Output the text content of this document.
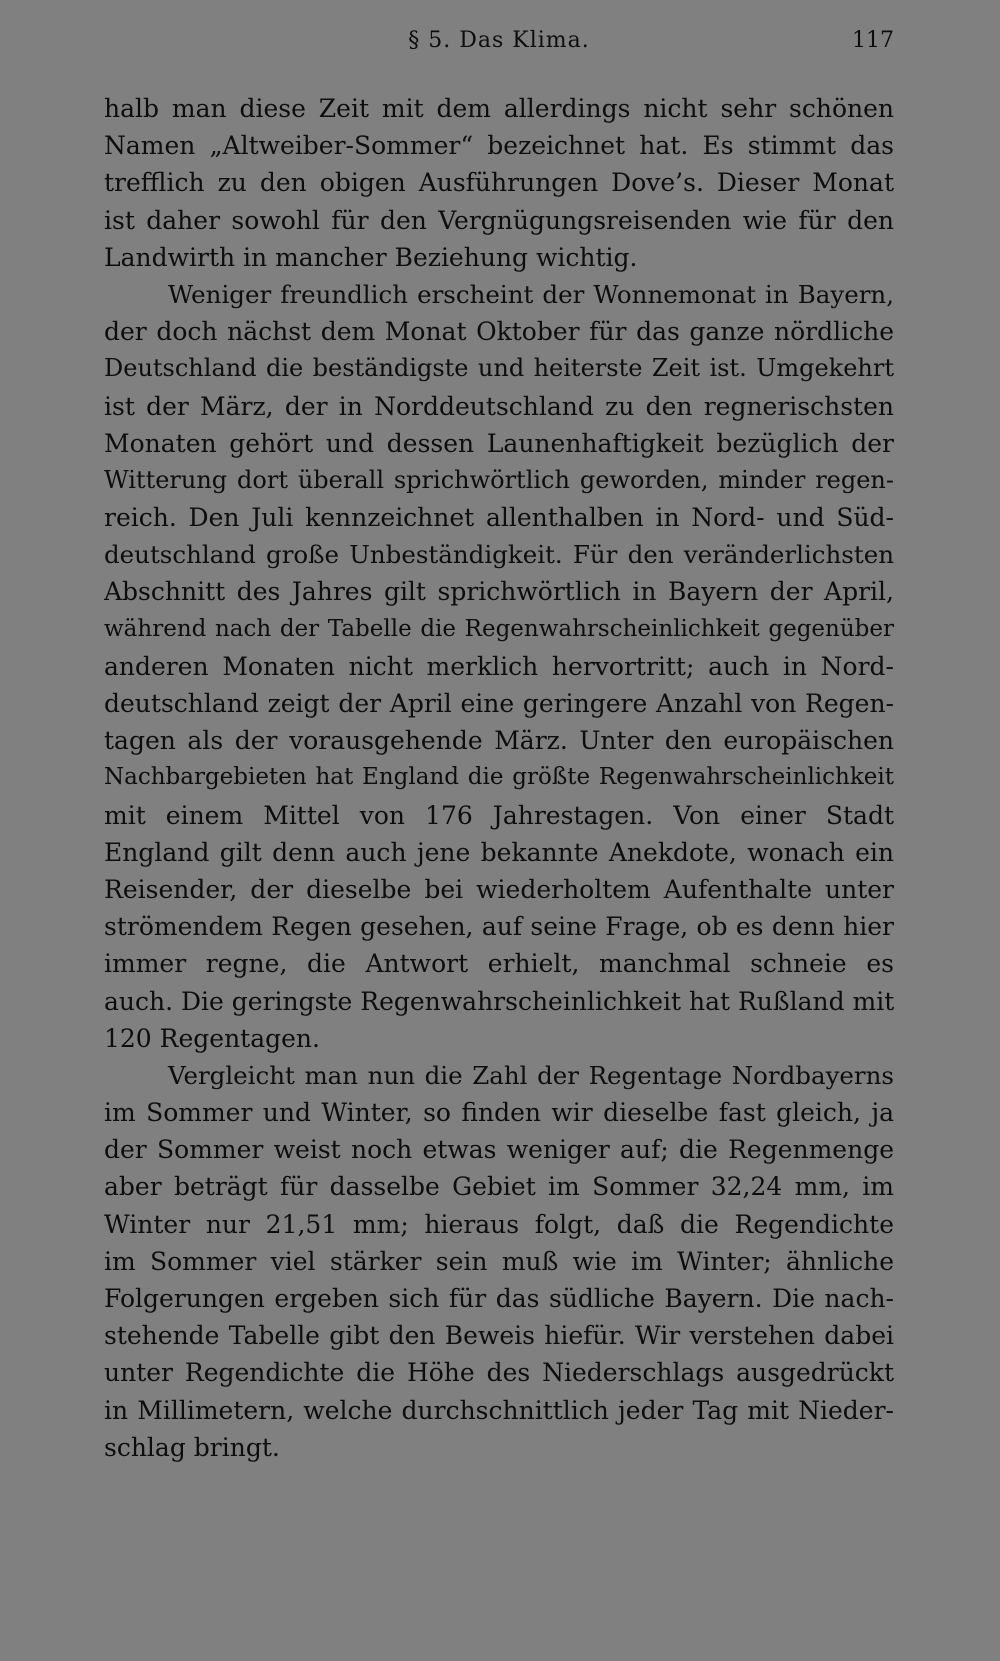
§ 5. Das Klima.	117
halb man diese Zeit mit dem allerdings nicht sehr schönen
Namen „Altweiber-Sommer“ bezeichnet hat. Es stimmt das
trefflich zu den obigen Ausführungen Dove’s. Dieser Monat
ist daher sowohl für den Vergnügungsreisenden wie für den
Landwirth in mancher Beziehung wichtig.
Weniger freundlich erscheint der Wonnemonat in Bayern,
der doch nächst dem Monat Oktober für das ganze nördliche
Deutschland die beständigste und heiterste Zeit ist. Umgekehrt
ist der März, der in Norddeutschland zu den regnerischsten
Monaten gehört und dessen Launenhaftigkeit bezüglich der
Witterung dort überall sprichwörtlich geworden, minder regen-
reich. Den Juli kennzeichnet allenthalben in Nord- und Süd-
deutschland große Unbeständigkeit. Für den veränderlichsten
Abschnitt des Jahres gilt sprichwörtlich in Bayern der April,
während nach der Tabelle die Regenwahrscheinlichkeit gegenüber
anderen Monaten nicht merklich hervortritt; auch in Nord-
deutschland zeigt der April eine geringere Anzahl von Regen-
tagen als der vorausgehende März. Unter den europäischen
Nachbargebieten hat England die größte Regenwahrscheinlichkeit
mit einem Mittel von 176 Jahrestagen. Von einer Stadt
England gilt denn auch jene bekannte Anekdote, wonach ein
Reisender, der dieselbe bei wiederholtem Aufenthalte unter
strömendem Regen gesehen, auf seine Frage, ob es denn hier
immer regne, die Antwort erhielt, manchmal schneie es
auch. Die geringste Regenwahrscheinlichkeit hat Rußland mit
120 Regentagen.
Vergleicht man nun die Zahl der Regentage Nordbayerns
im Sommer und Winter, so finden wir dieselbe fast gleich, ja
der Sommer weist noch etwas weniger auf; die Regenmenge
aber beträgt für dasselbe Gebiet im Sommer 32,24 mm, im
Winter nur 21,51 mm; hieraus folgt, daß die Regendichte
im Sommer viel stärker sein muß wie im Winter; ähnliche
Folgerungen ergeben sich für das südliche Bayern. Die nach-
stehende Tabelle gibt den Beweis hiefür. Wir verstehen dabei
unter Regendichte die Höhe des Niederschlags ausgedrückt
in Millimetern, welche durchschnittlich jeder Tag mit Nieder-
schlag bringt.
